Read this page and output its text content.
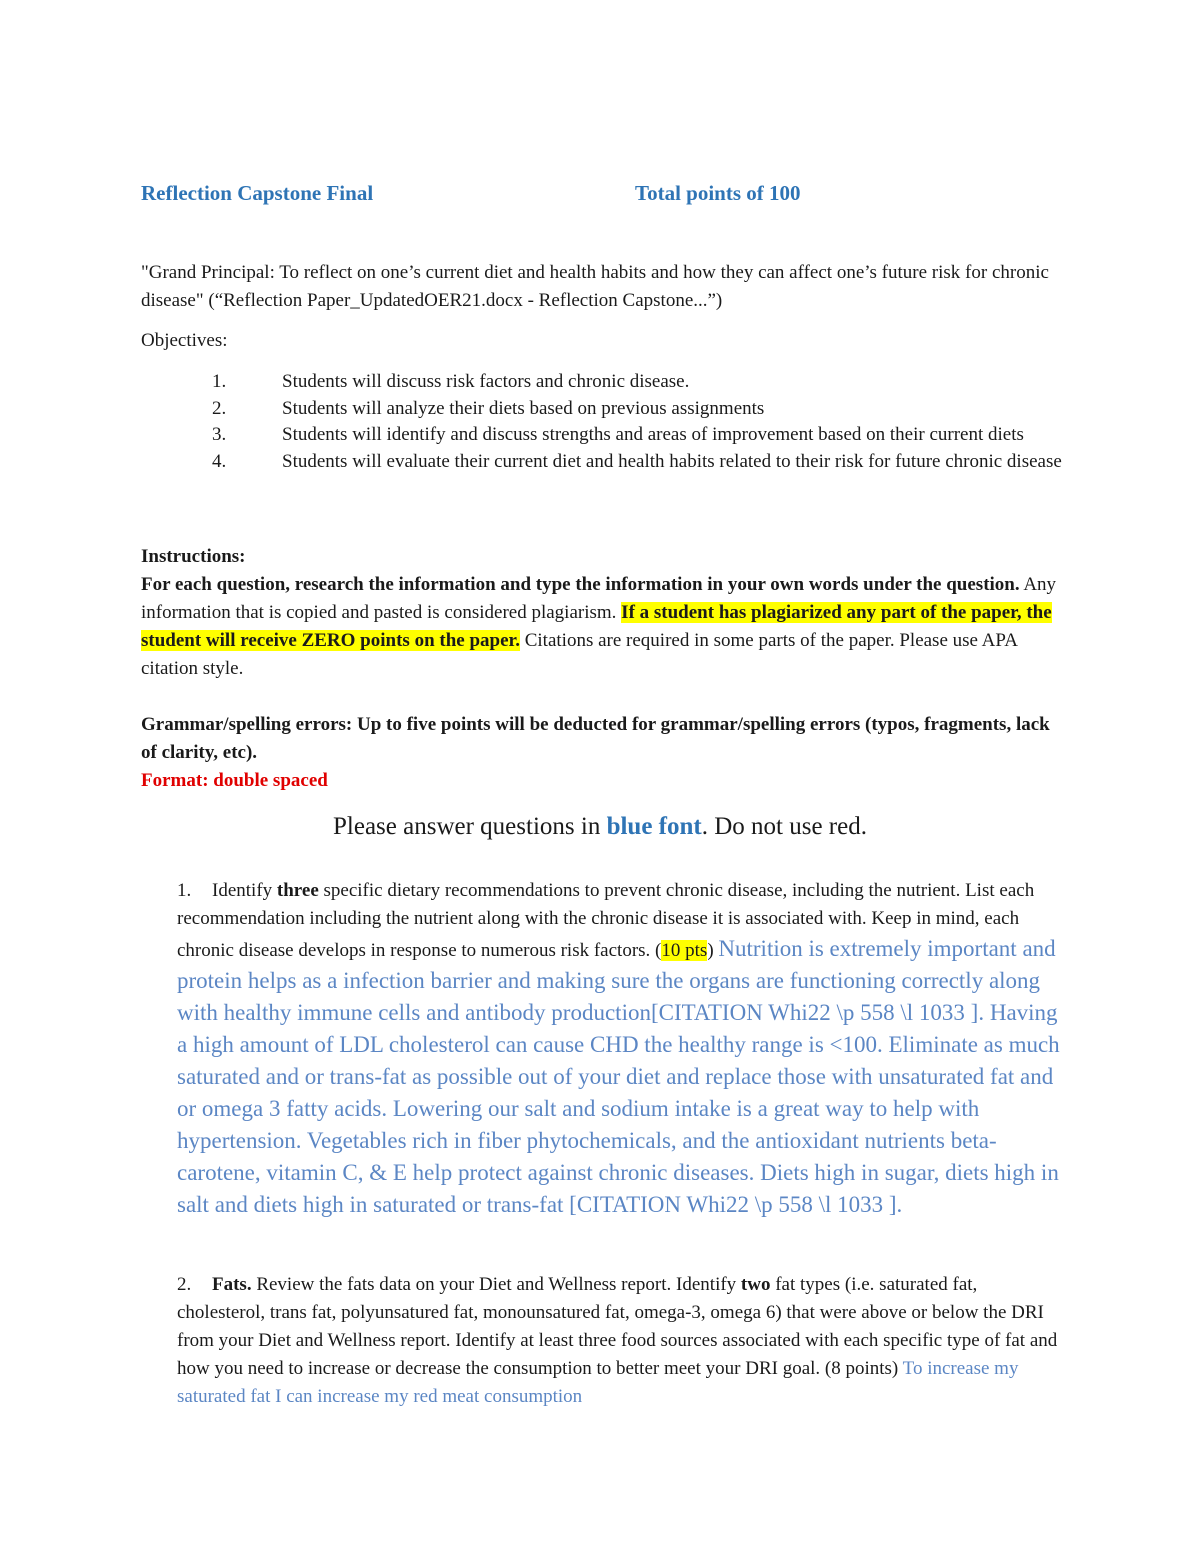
Reflection Capstone Final	Total points of 100
"Grand Principal: To reflect on one’s current diet and health habits and how they can affect one’s future risk for chronic disease" (“Reflection Paper_UpdatedOER21.docx - Reflection Capstone...”)
Objectives:
1.	Students will discuss risk factors and chronic disease.
2.	Students will analyze their diets based on previous assignments
3.	Students will identify and discuss strengths and areas of improvement based on their current diets
4.	Students will evaluate their current diet and health habits related to their risk for future chronic disease

Instructions:

For each question, research the information and type the information in your own words under the question. Any information that is copied and pasted is considered plagiarism. If a student has plagiarized any part of the paper, the student will receive ZERO points on the paper. Citations are required in some parts of the paper. Please use APA citation style.

Grammar/spelling errors: Up to five points will be deducted for grammar/spelling errors (typos, fragments, lack of clarity, etc).

Format: double spaced

Please answer questions in blue font. Do not use red.
1. Identify three specific dietary recommendations to prevent chronic disease, including the nutrient. List each recommendation including the nutrient along with the chronic disease it is associated with. Keep in mind, each chronic disease develops in response to numerous risk factors. (10 pts) Nutrition is extremely important and protein helps as a infection barrier and making sure the organs are functioning correctly along with healthy immune cells and antibody production[CITATION Whi22 \p 558 \l 1033 ]. Having a high amount of LDL cholesterol can cause CHD the healthy range is <100. Eliminate as much saturated and or trans-fat as possible out of your diet and replace those with unsaturated fat and or omega 3 fatty acids. Lowering our salt and sodium intake is a great way to help with hypertension. Vegetables rich in fiber phytochemicals, and the antioxidant nutrients beta-carotene, vitamin C, & E help protect against chronic diseases. Diets high in sugar, diets high in salt and diets high in saturated or trans-fat [CITATION Whi22 \p 558 \l 1033 ].
2. Fats. Review the fats data on your Diet and Wellness report. Identify two fat types (i.e. saturated fat, cholesterol, trans fat, polyunsatured fat, monounsatured fat, omega-3, omega 6) that were above or below the DRI from your Diet and Wellness report. Identify at least three food sources associated with each specific type of fat and how you need to increase or decrease the consumption to better meet your DRI goal. (8 points) To increase my saturated fat I can increase my red meat consumption
